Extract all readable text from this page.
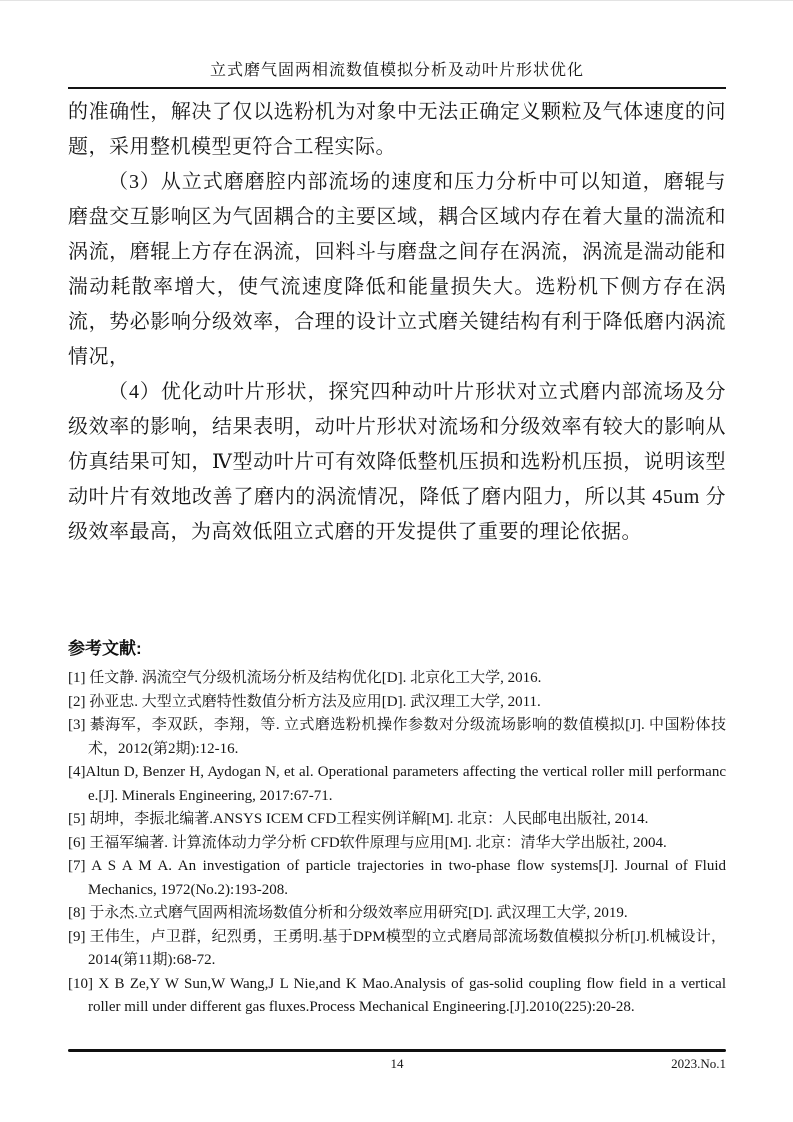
立式磨气固两相流数值模拟分析及动叶片形状优化

的准确性，解决了仅以选粉机为对象中无法正确定义颗粒及气体速度的问题，采用整机模型更符合工程实际。

（3）从立式磨磨腔内部流场的速度和压力分析中可以知道，磨辊与磨盘交互影响区为气固耦合的主要区域，耦合区域内存在着大量的湍流和涡流，磨辊上方存在涡流，回料斗与磨盘之间存在涡流，涡流是湍动能和湍动耗散率增大，使气流速度降低和能量损失大。选粉机下侧方存在涡流，势必影响分级效率，合理的设计立式磨关键结构有利于降低磨内涡流情况，

（4）优化动叶片形状，探究四种动叶片形状对立式磨内部流场及分级效率的影响，结果表明，动叶片形状对流场和分级效率有较大的影响从仿真结果可知，Ⅳ型动叶片可有效降低整机压损和选粉机压损，说明该型动叶片有效地改善了磨内的涡流情况，降低了磨内阻力，所以其 45um 分级效率最高，为高效低阻立式磨的开发提供了重要的理论依据。

参考文献:

[1] 任文静. 涡流空气分级机流场分析及结构优化[D]. 北京化工大学, 2016.

[2] 孙亚忠. 大型立式磨特性数值分析方法及应用[D]. 武汉理工大学, 2011.

[3] 綦海军，李双跃，李翔，等. 立式磨选粉机操作参数对分级流场影响的数值模拟[J]. 中国粉体技术，2012(第2期):12-16.

[4]Altun D, Benzer H, Aydogan N, et al. Operational parameters affecting the vertical roller mill performance.[J]. Minerals Engineering, 2017:67-71.

[5] 胡坤，李振北编著.ANSYS ICEM CFD工程实例详解[M]. 北京：人民邮电出版社, 2014.

[6] 王福军编著. 计算流体动力学分析 CFD软件原理与应用[M]. 北京：清华大学出版社, 2004.

[7] A S A M A. An investigation of particle trajectories in two-phase flow systems[J]. Journal of Fluid Mechanics, 1972(No.2):193-208.

[8] 于永杰.立式磨气固两相流场数值分析和分级效率应用研究[D]. 武汉理工大学, 2019.

[9] 王伟生，卢卫群，纪烈勇，王勇明.基于DPM模型的立式磨局部流场数值模拟分析[J].机械设计，2014(第11期):68-72.

[10] X B Ze,Y W Sun,W Wang,J L Nie,and K Mao.Analysis of gas-solid coupling flow field in a vertical roller mill under different gas fluxes.Process Mechanical Engineering.[J].2010(225):20-28.

14	2023.No.1
